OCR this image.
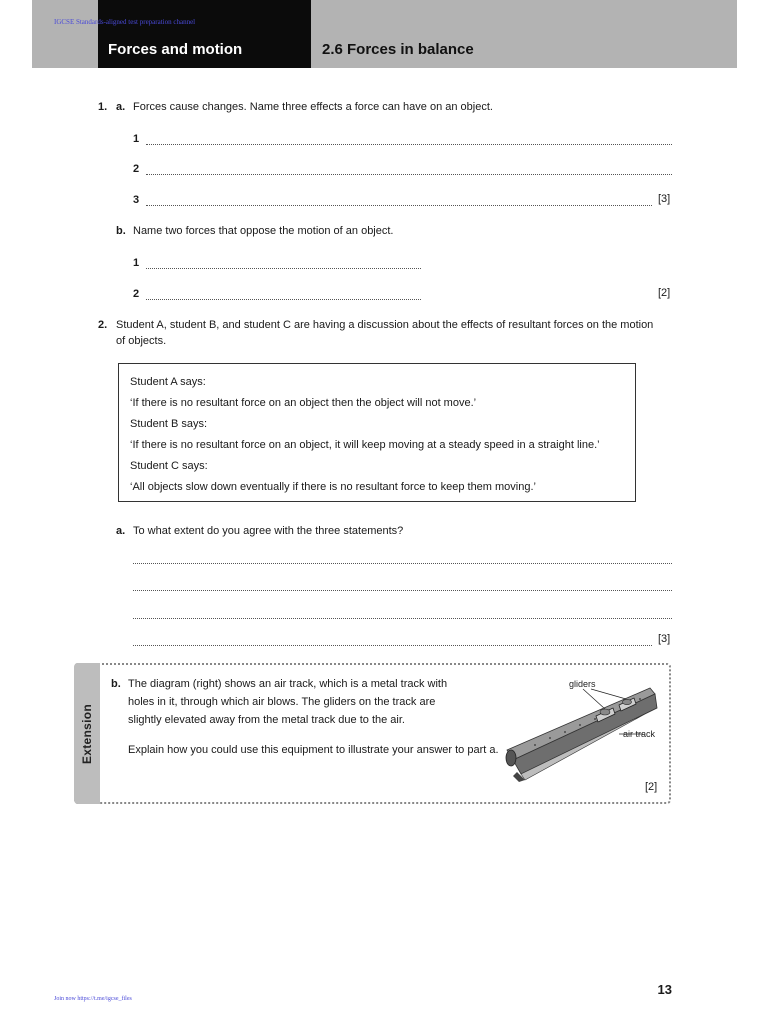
IGCSE Standards-aligned test preparation channel
Forces and motion	2.6 Forces in balance
1. a. Forces cause changes. Name three effects a force can have on an object.
1
2
3	[3]
b. Name two forces that oppose the motion of an object.
1
2	[2]
2. Student A, student B, and student C are having a discussion about the effects of resultant forces on the motion
of objects.
Student A says:
‘If there is no resultant force on an object then the object will not move.’
Student B says:
‘If there is no resultant force on an object, it will keep moving at a steady speed in a straight line.’
Student C says:
‘All objects slow down eventually if there is no resultant force to keep them moving.’
a. To what extent do you agree with the three statements?
[3]
Extension
b. The diagram (right) shows an air track, which is a metal track with
holes in it, through which air blows. The gliders on the track are
slightly elevated away from the metal track due to the air.
Explain how you could use this equipment to illustrate your answer to part a.
[2]
gliders
air track
13
Join now https://t.me/igcse_files
